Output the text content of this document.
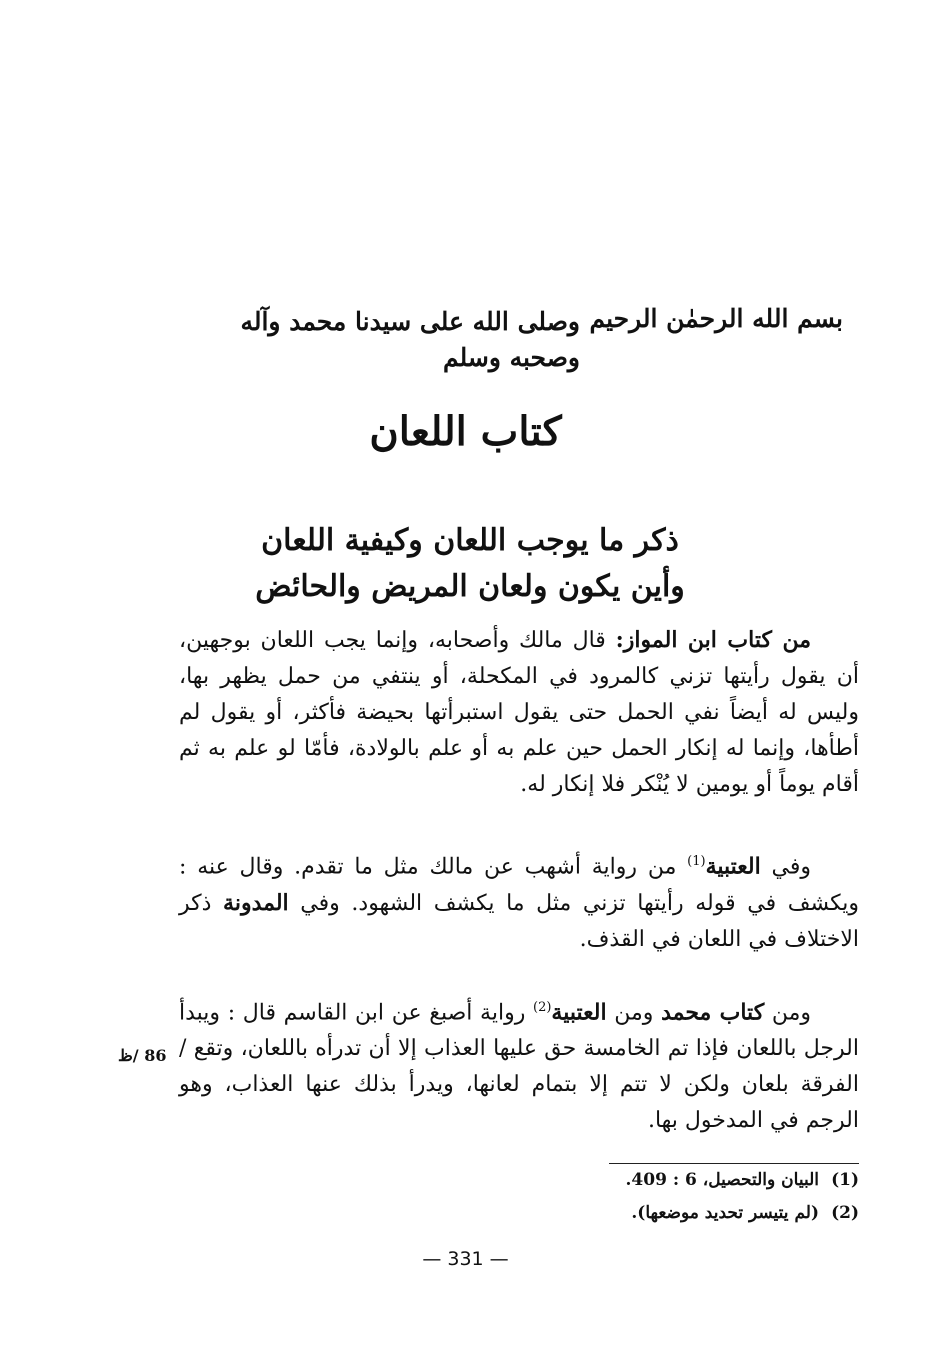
بسم الله الرحمٰن الرحيم
وصلى الله على سيدنا محمد وآله وصحبه وسلم
كتاب اللعان
ذكر ما يوجب اللعان وكيفية اللعان
وأين يكون ولعان المريض والحائض
من كتاب ابن المواز: قال مالك وأصحابه، وإنما يجب اللعان بوجهين، أن يقول رأيتها تزني كالمرود في المكحلة، أو ينتفي من حمل يظهر بها، وليس له أيضاً نفي الحمل حتى يقول استبرأتها بحيضة فأكثر، أو يقول لم أطأها، وإنما له إنكار الحمل حين علم به أو علم بالولادة، فأمّا لو علم به ثم أقام يوماً أو يومين لا يُنْكر فلا إنكار له.
وفي العتبية$^{(1)}$ من رواية أشهب عن مالك مثل ما تقدم. وقال عنه : ويكشف في قوله رأيتها تزني مثل ما يكشف الشهود. وفي المدونة ذكر الاختلاف في اللعان في القذف.
ومن كتاب محمد ومن العتبية$^{(2)}$ رواية أصبغ عن ابن القاسم قال : ويبدأ الرجل باللعان فإذا تم الخامسة حق عليها العذاب إلا أن تدرأه باللعان، وتقع / الفرقة بلعان ولكن لا تتم إلا بتمام لعانها، ويدرأ بذلك عنها العذاب، وهو الرجم في المدخول بها.
86 /ظ
(1)البيان والتحصيل، 6 : 409.
(2)(لم يتيسر تحديد موضعها).
— 331 —
